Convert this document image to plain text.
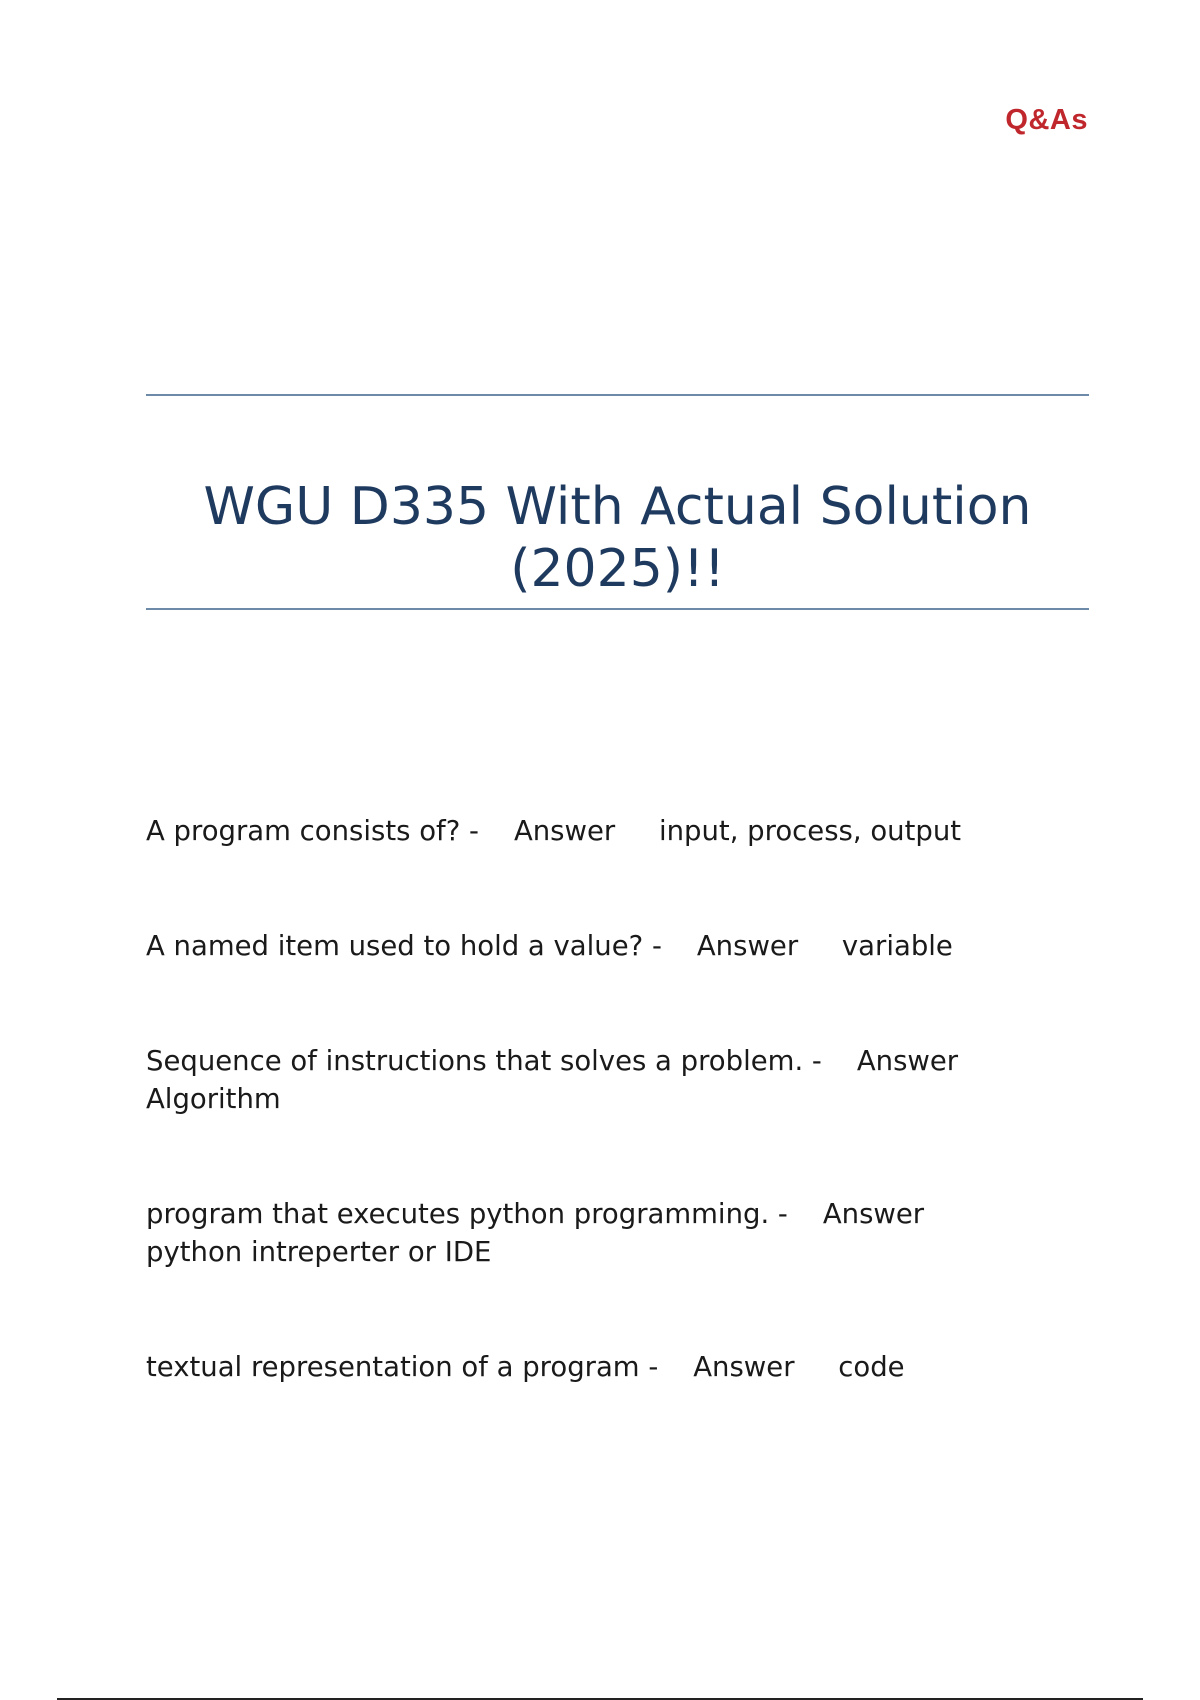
Q&As
WGU D335 With Actual Solution
(2025)!!

A program consists of? - Answer input, process, output

A named item used to hold a value? - Answer variable

Sequence of instructions that solves a problem. - Answer
Algorithm

program that executes python programming. - Answer
python intreperter or IDE

textual representation of a program - Answer code
